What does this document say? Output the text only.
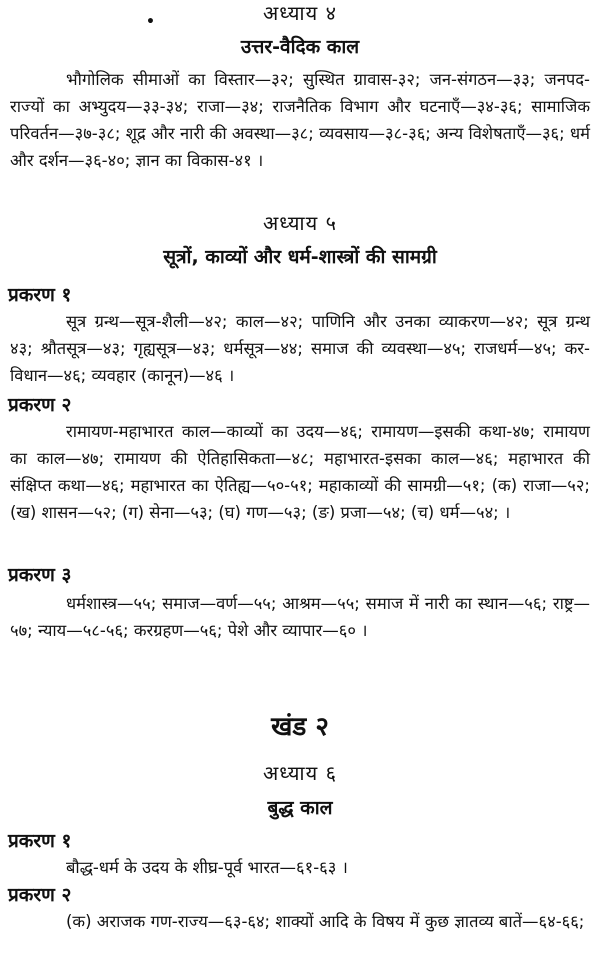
•	अध्याय ४
उत्तर-वैदिक काल
भौगोलिक सीमाओं का विस्तार—३२; सुस्थित ग्रावास-३२; जन-संगठन—३३; जनपद-राज्यों का अभ्युदय—३३-३४; राजा—३४; राजनैतिक विभाग और घटनाएँ—३४-३६; सामाजिक परिवर्तन—३७-३८; शूद्र और नारी की अवस्था—३८; व्यवसाय—३८-३६; अन्य विशेषताएँ—३६; धर्म और दर्शन—३६-४०; ज्ञान का विकास-४१ ।
अध्याय ५
सूत्रों, काव्यों और धर्म-शास्त्रों की सामग्री
प्रकरण १
सूत्र ग्रन्थ—सूत्र-शैली—४२; काल—४२; पाणिनि और उनका व्याकरण—४२; सूत्र ग्रन्थ ४३; श्रौतसूत्र—४३; गृह्यसूत्र—४३; धर्मसूत्र—४४; समाज की व्यवस्था—४५; राजधर्म—४५; कर-विधान—४६; व्यवहार (कानून)—४६ ।
प्रकरण २
रामायण-महाभारत काल—काव्यों का उदय—४६; रामायण—इसकी कथा-४७; रामायण का काल—४७; रामायण की ऐतिहासिकता—४८; महाभारत-इसका काल—४६; महाभारत की संक्षिप्त कथा—४६; महाभारत का ऐतिह्य—५०-५१; महाकाव्यों की सामग्री—५१; (क) राजा—५२; (ख) शासन—५२; (ग) सेना—५३; (घ) गण—५३; (ङ) प्रजा—५४; (च) धर्म—५४; ।
प्रकरण ३
धर्मशास्त्र—५५; समाज—वर्ण—५५; आश्रम—५५; समाज में नारी का स्थान—५६; राष्ट्र—५७; न्याय—५८-५६; करग्रहण—५६; पेशे और व्यापार—६० ।
खंड २
अध्याय ६
बुद्ध काल
प्रकरण १
बौद्ध-धर्म के उदय के शीघ्र-पूर्व भारत—६१-६३ ।
प्रकरण २
(क) अराजक गण-राज्य—६३-६४; शाक्यों आदि के विषय में कुछ ज्ञातव्य बातें—६४-६६;
